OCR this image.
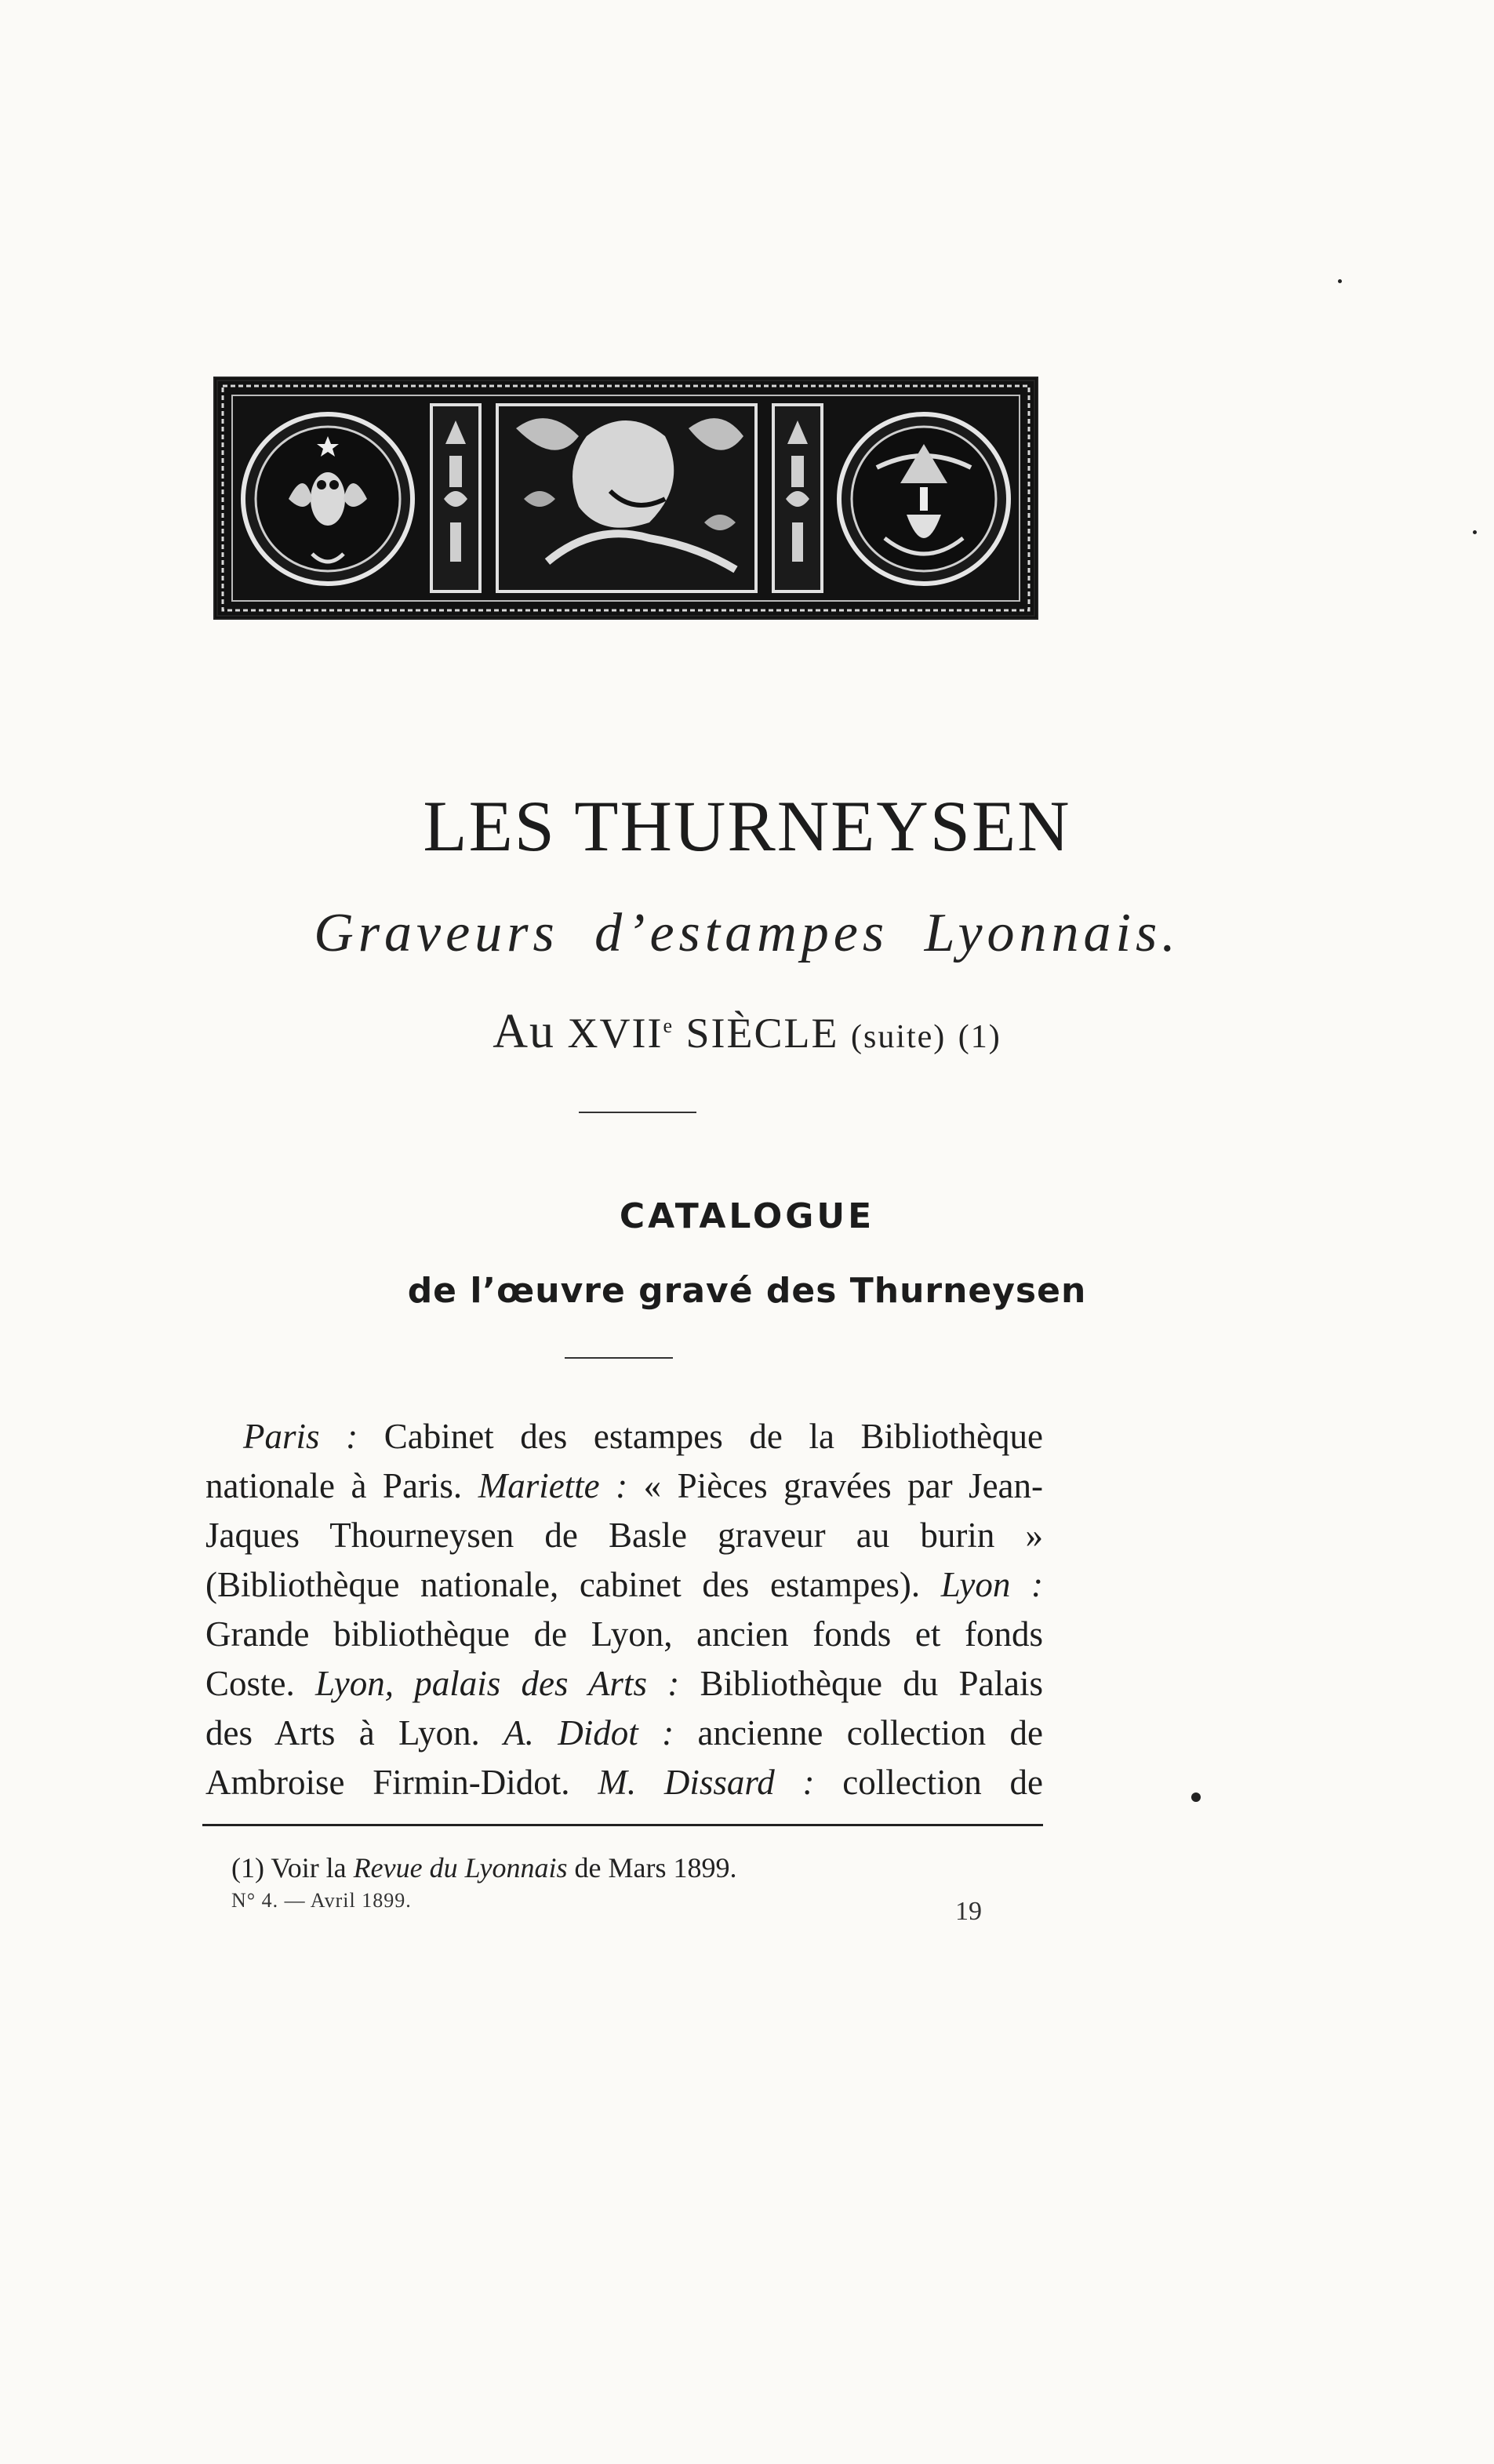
LES THURNEYSEN
Graveurs d’estampes Lyonnais.
Au XVIIe SIÈCLE (suite) (1)
CATALOGUE
de l’œuvre gravé des Thurneysen
Paris : Cabinet des estampes de la Bibliothèque
nationale à Paris. Mariette : « Pièces gravées par Jean-
Jaques Thourneysen de Basle graveur au burin »
(Bibliothèque nationale, cabinet des estampes). Lyon :
Grande bibliothèque de Lyon, ancien fonds et fonds
Coste. Lyon, palais des Arts : Bibliothèque du Palais
des Arts à Lyon. A. Didot : ancienne collection de
Ambroise Firmin-Didot. M. Dissard : collection de
(1) Voir la Revue du Lyonnais de Mars 1899.
N° 4. — Avril 1899.	19
